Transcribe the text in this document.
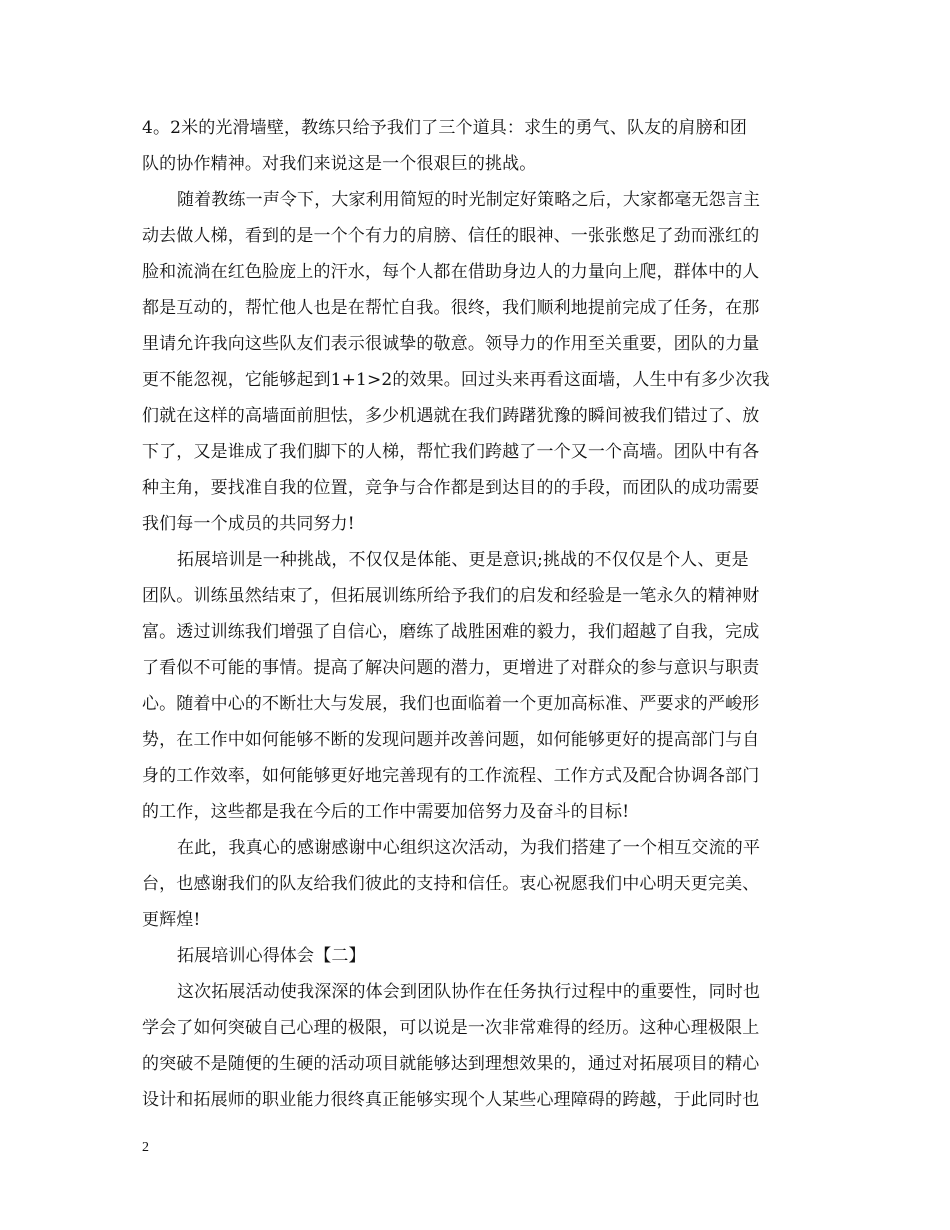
4。2米的光滑墙壁，教练只给予我们了三个道具：求生的勇气、队友的肩膀和团
队的协作精神。对我们来说这是一个很艰巨的挑战。
随着教练一声令下，大家利用简短的时光制定好策略之后，大家都毫无怨言主
动去做人梯，看到的是一个个有力的肩膀、信任的眼神、一张张憋足了劲而涨红的
脸和流淌在红色脸庞上的汗水，每个人都在借助身边人的力量向上爬，群体中的人
都是互动的，帮忙他人也是在帮忙自我。很终，我们顺利地提前完成了任务，在那
里请允许我向这些队友们表示很诚挚的敬意。领导力的作用至关重要，团队的力量
更不能忽视，它能够起到1+1>2的效果。回过头来再看这面墙，人生中有多少次我
们就在这样的高墙面前胆怯，多少机遇就在我们踌躇犹豫的瞬间被我们错过了、放
下了，又是谁成了我们脚下的人梯，帮忙我们跨越了一个又一个高墙。团队中有各
种主角，要找准自我的位置，竞争与合作都是到达目的的手段，而团队的成功需要
我们每一个成员的共同努力!
拓展培训是一种挑战，不仅仅是体能、更是意识;挑战的不仅仅是个人、更是
团队。训练虽然结束了，但拓展训练所给予我们的启发和经验是一笔永久的精神财
富。透过训练我们增强了自信心，磨练了战胜困难的毅力，我们超越了自我，完成
了看似不可能的事情。提高了解决问题的潜力，更增进了对群众的参与意识与职责
心。随着中心的不断壮大与发展，我们也面临着一个更加高标准、严要求的严峻形
势，在工作中如何能够不断的发现问题并改善问题，如何能够更好的提高部门与自
身的工作效率，如何能够更好地完善现有的工作流程、工作方式及配合协调各部门
的工作，这些都是我在今后的工作中需要加倍努力及奋斗的目标!
在此，我真心的感谢感谢中心组织这次活动，为我们搭建了一个相互交流的平
台，也感谢我们的队友给我们彼此的支持和信任。衷心祝愿我们中心明天更完美、
更辉煌!
拓展培训心得体会【二】
这次拓展活动使我深深的体会到团队协作在任务执行过程中的重要性，同时也
学会了如何突破自己心理的极限，可以说是一次非常难得的经历。这种心理极限上
的突破不是随便的生硬的活动项目就能够达到理想效果的，通过对拓展项目的精心
设计和拓展师的职业能力很终真正能够实现个人某些心理障碍的跨越，于此同时也
2
